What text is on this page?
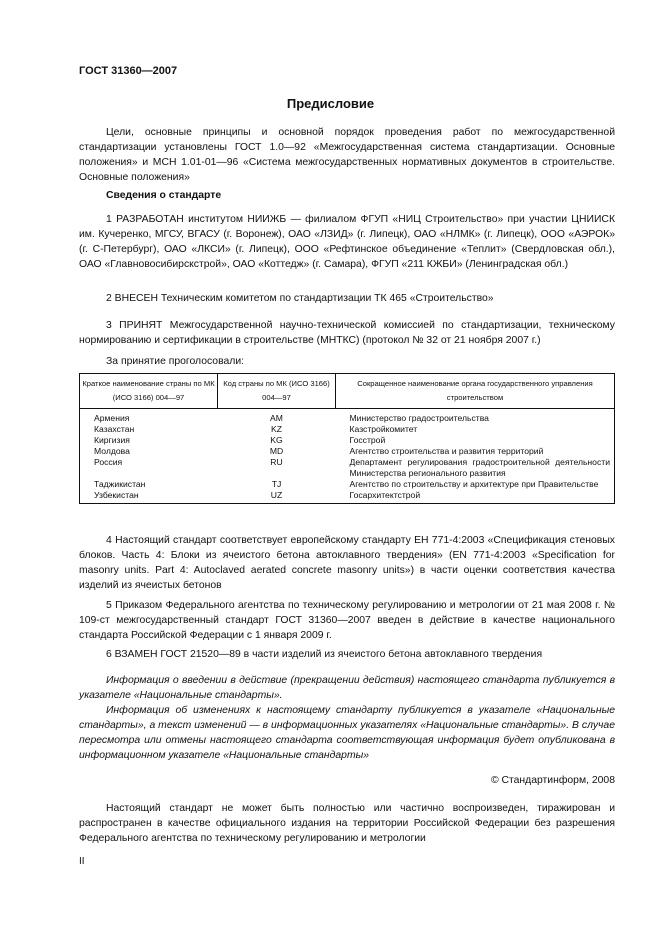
ГОСТ 31360—2007
Предисловие

Цели, основные принципы и основной порядок проведения работ по межгосударственной стандартизации установлены ГОСТ 1.0—92 «Межгосударственная система стандартизации. Основные положения» и МСН 1.01-01—96 «Система межгосударственных нормативных документов в строительстве. Основные положения»

Сведения о стандарте

1 РАЗРАБОТАН институтом НИИЖБ — филиалом ФГУП «НИЦ Строительство» при участии ЦНИИСК им. Кучеренко, МГСУ, ВГАСУ (г. Воронеж), ОАО «ЛЗИД» (г. Липецк), ОАО «НЛМК» (г. Липецк), ООО «АЭРОК» (г. С-Петербург), ОАО «ЛКСИ» (г. Липецк), ООО «Рефтинское объединение «Теплит» (Свердловская обл.), ОАО «Главновосибирскстрой», ОАО «Коттедж» (г. Самара), ФГУП «211 КЖБИ» (Ленинградская обл.)

2 ВНЕСЕН Техническим комитетом по стандартизации ТК 465 «Строительство»

3 ПРИНЯТ Межгосударственной научно-технической комиссией по стандартизации, техническому нормированию и сертификации в строительстве (МНТКС) (протокол № 32 от 21 ноября 2007 г.)

За принятие проголосовали:

Краткое наименование страны по МК (ИСО 3166) 004—97	Код страны по МК (ИСО 3166) 004—97	Сокращенное наименование органа государственного управления строительством
Армения	AM	Министерство градостроительства
Казахстан	KZ	Казстройкомитет
Киргизия	KG	Госстрой
Молдова	MD	Агентство строительства и развития территорий
Россия	RU	Департамент регулирования градостроительной деятельности Министерства регионального развития
Таджикистан	TJ	Агентство по строительству и архитектуре при Правительстве
Узбекистан	UZ	Госархитектстрой

4 Настоящий стандарт соответствует европейскому стандарту ЕН 771-4:2003 «Спецификация стеновых блоков. Часть 4: Блоки из ячеистого бетона автоклавного твердения» (EN 771-4:2003 «Specification for masonry units. Part 4: Autoclaved aerated concrete masonry units») в части оценки соответствия качества изделий из ячеистых бетонов

5 Приказом Федерального агентства по техническому регулированию и метрологии от 21 мая 2008 г. № 109-ст межгосударственный стандарт ГОСТ 31360—2007 введен в действие в качестве национального стандарта Российской Федерации с 1 января 2009 г.

6 ВЗАМЕН ГОСТ 21520—89 в части изделий из ячеистого бетона автоклавного твердения

Информация о введении в действие (прекращении действия) настоящего стандарта публикуется в указателе «Национальные стандарты».

Информация об изменениях к настоящему стандарту публикуется в указателе «Национальные стандарты», а текст изменений — в информационных указателях «Национальные стандарты». В случае пересмотра или отмены настоящего стандарта соответствующая информация будет опубликована в информационном указателе «Национальные стандарты»

© Стандартинформ, 2008

Настоящий стандарт не может быть полностью или частично воспроизведен, тиражирован и распространен в качестве официального издания на территории Российской Федерации без разрешения Федерального агентства по техническому регулированию и метрологии

II
